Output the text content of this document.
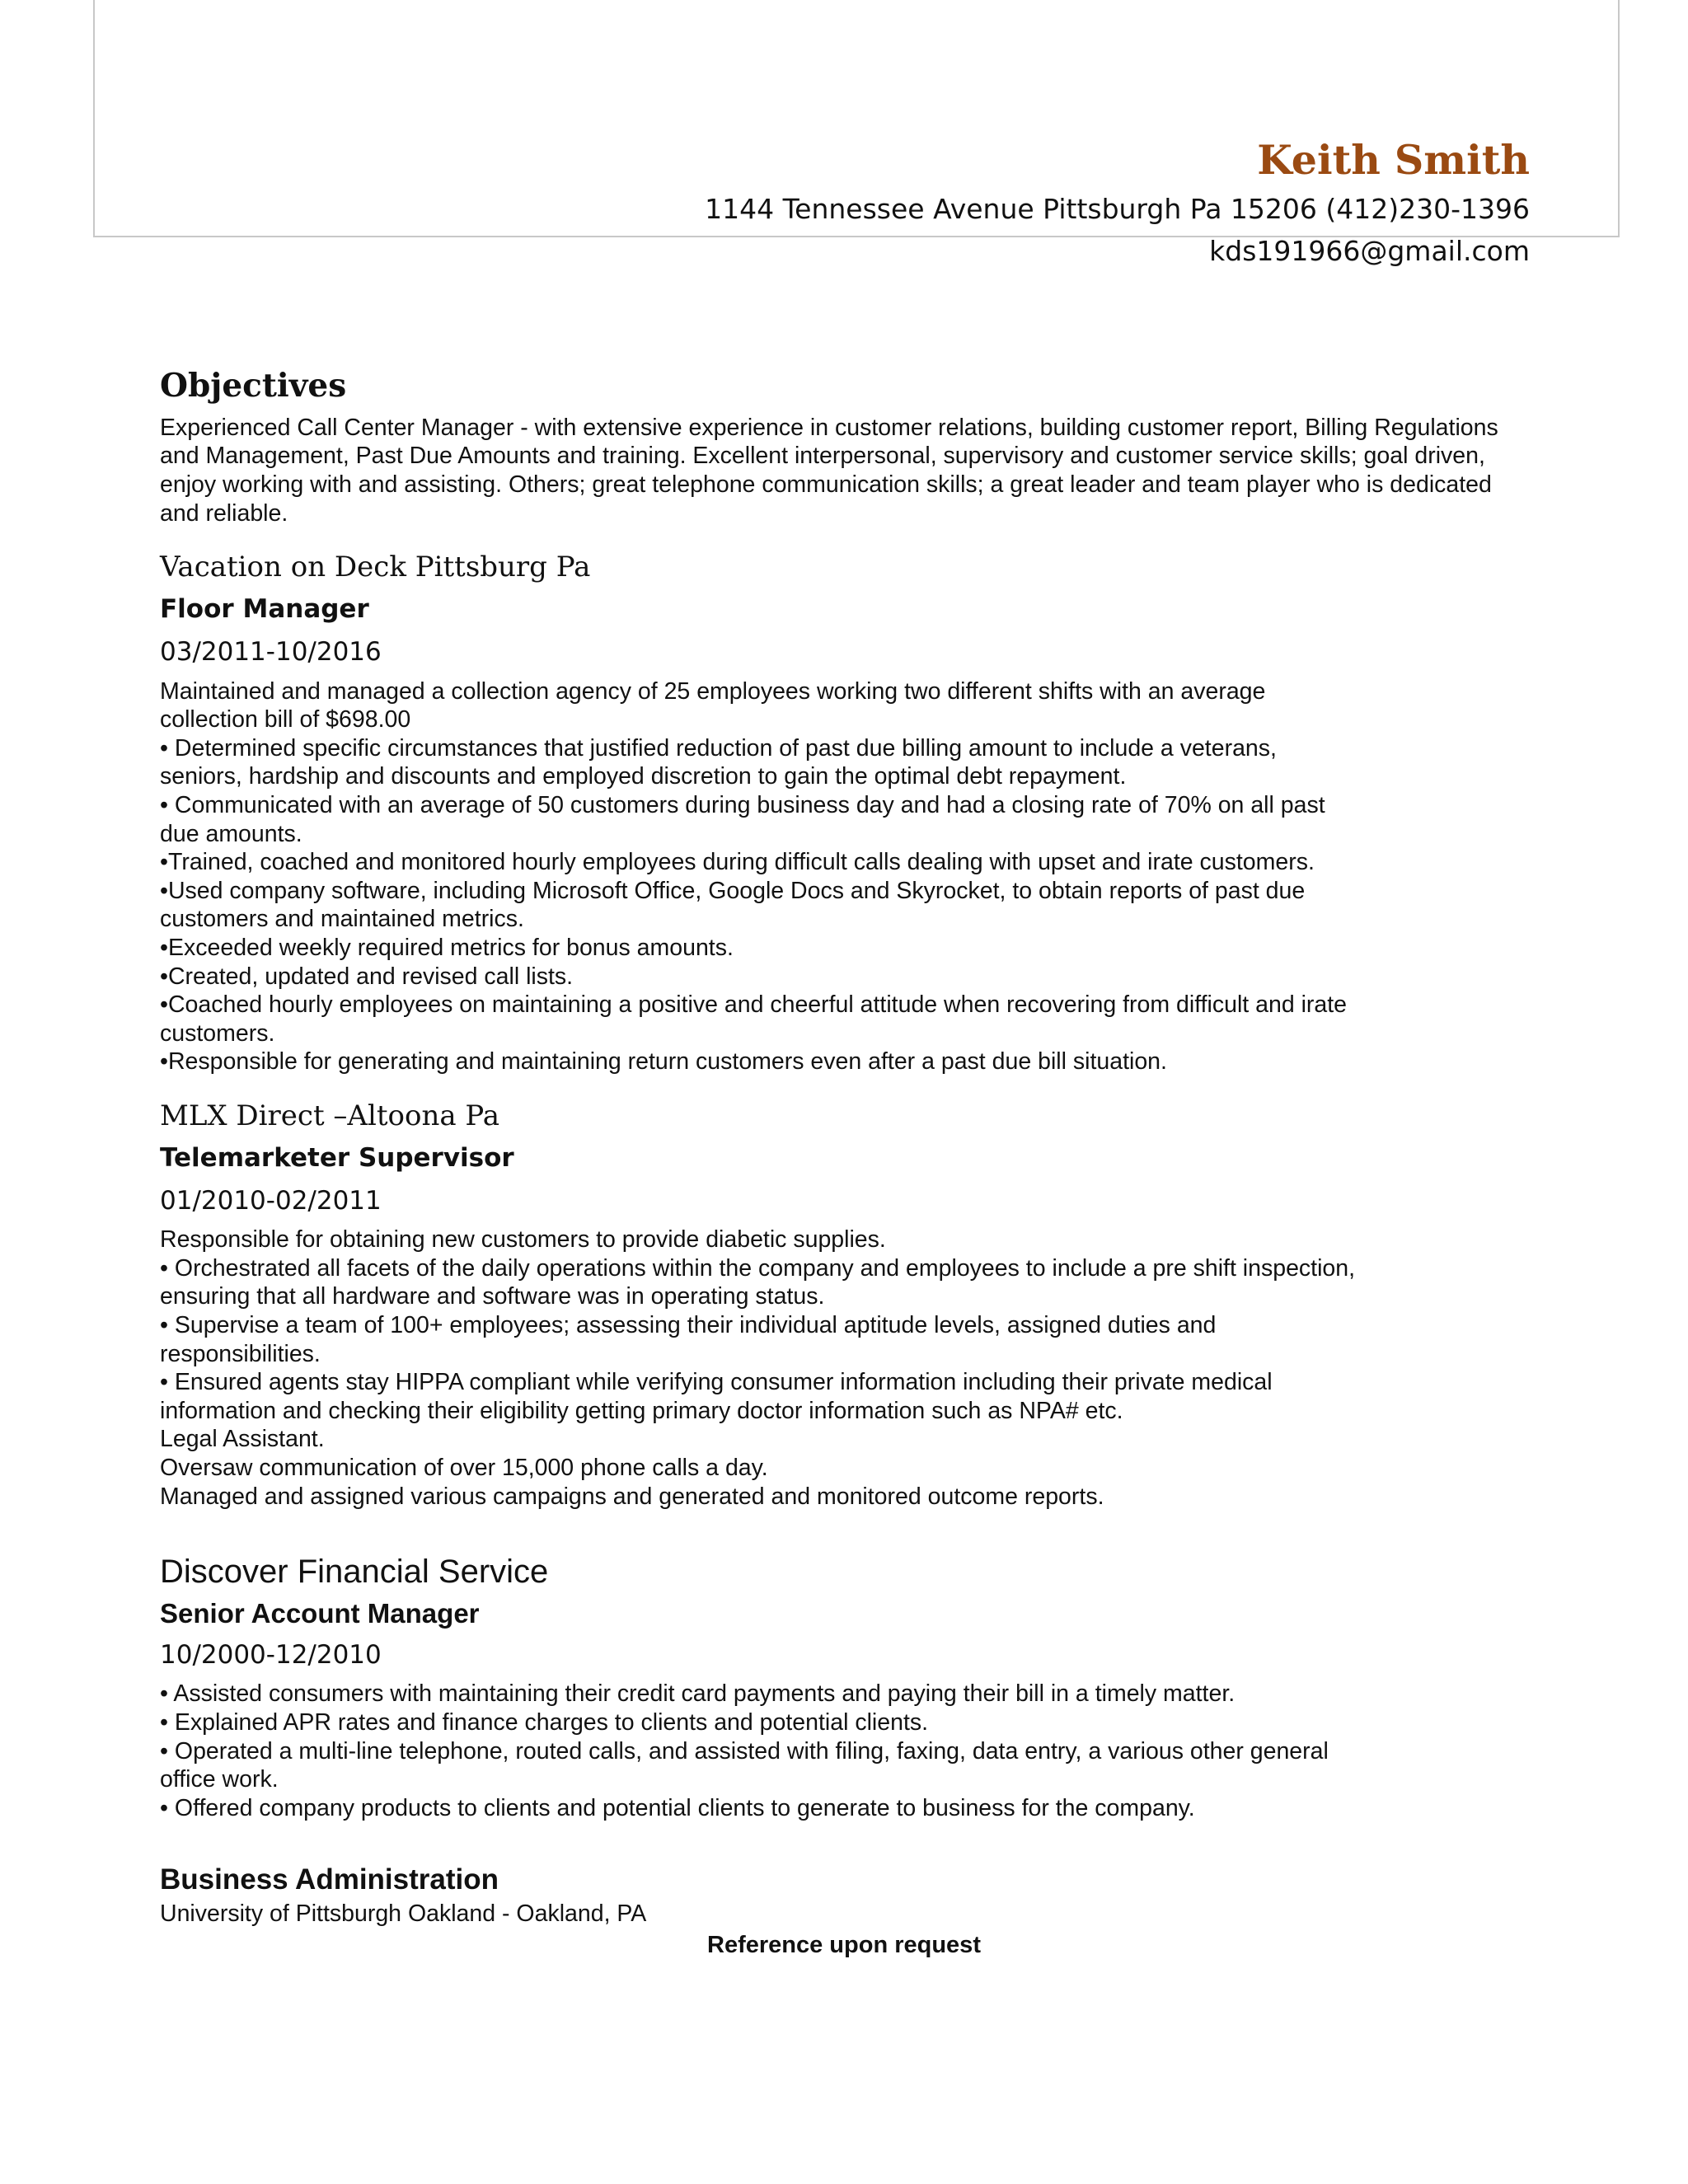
Keith Smith
1144 Tennessee Avenue Pittsburgh Pa 15206 (412)230-1396
kds191966@gmail.com
Objectives

Experienced Call Center Manager - with extensive experience in customer relations, building customer report, Billing Regulations and Management, Past Due Amounts and training. Excellent interpersonal, supervisory and customer service skills; goal driven, enjoy working with and assisting. Others; great telephone communication skills; a great leader and team player who is dedicated and reliable.

Vacation on Deck Pittsburg Pa
Floor Manager
03/2011-10/2016
Maintained and managed a collection agency of 25 employees working two different shifts with an average collection bill of $698.00
• Determined specific circumstances that justified reduction of past due billing amount to include a veterans, seniors, hardship and discounts and employed discretion to gain the optimal debt repayment.
• Communicated with an average of 50 customers during business day and had a closing rate of 70% on all past due amounts.
•Trained, coached and monitored hourly employees during difficult calls dealing with upset and irate customers.
•Used company software, including Microsoft Office, Google Docs and Skyrocket, to obtain reports of past due customers and maintained metrics.
•Exceeded weekly required metrics for bonus amounts.
•Created, updated and revised call lists.
•Coached hourly employees on maintaining a positive and cheerful attitude when recovering from difficult and irate customers.
•Responsible for generating and maintaining return customers even after a past due bill situation.
MLX Direct –Altoona Pa
Telemarketer Supervisor
01/2010-02/2011
Responsible for obtaining new customers to provide diabetic supplies.
• Orchestrated all facets of the daily operations within the company and employees to include a pre shift inspection, ensuring that all hardware and software was in operating status.
• Supervise a team of 100+ employees; assessing their individual aptitude levels, assigned duties and responsibilities.
• Ensured agents stay HIPPA compliant while verifying consumer information including their private medical information and checking their eligibility getting primary doctor information such as NPA# etc.
Legal Assistant.
Oversaw communication of over 15,000 phone calls a day.
Managed and assigned various campaigns and generated and monitored outcome reports.
Discover Financial Service
Senior Account Manager
10/2000-12/2010
• Assisted consumers with maintaining their credit card payments and paying their bill in a timely matter.
• Explained APR rates and finance charges to clients and potential clients.
• Operated a multi-line telephone, routed calls, and assisted with filing, faxing, data entry, a various other general office work.
• Offered company products to clients and potential clients to generate to business for the company.
Business Administration
University of Pittsburgh Oakland - Oakland, PA
Reference upon request
